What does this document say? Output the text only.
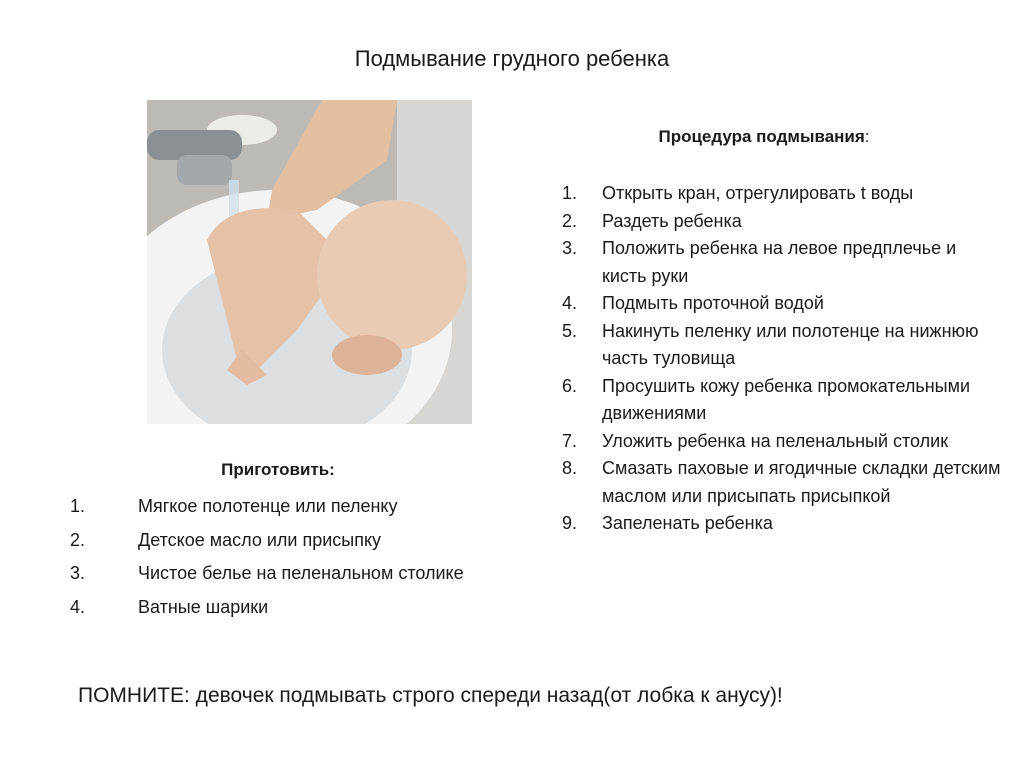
Подмывание грудного ребенка
Процедура подмывания:
1. Открыть кран, отрегулировать t воды
2. Раздеть ребенка
3. Положить ребенка на левое предплечье и кисть руки
4. Подмыть проточной водой
5. Накинуть пеленку или полотенце на нижнюю часть туловища
6. Просушить кожу ребенка промокательными движениями
7. Уложить ребенка на пеленальный столик
8. Смазать паховые и ягодичные складки детским маслом или присыпать присыпкой
9. Запеленать ребенка
Приготовить:
1.	Мягкое полотенце или пеленку
2.	Детское масло или присыпку
3.	Чистое белье на пеленальном столике
4.	Ватные шарики
ПОМНИТЕ: девочек подмывать строго спереди назад(от лобка к анусу)!
